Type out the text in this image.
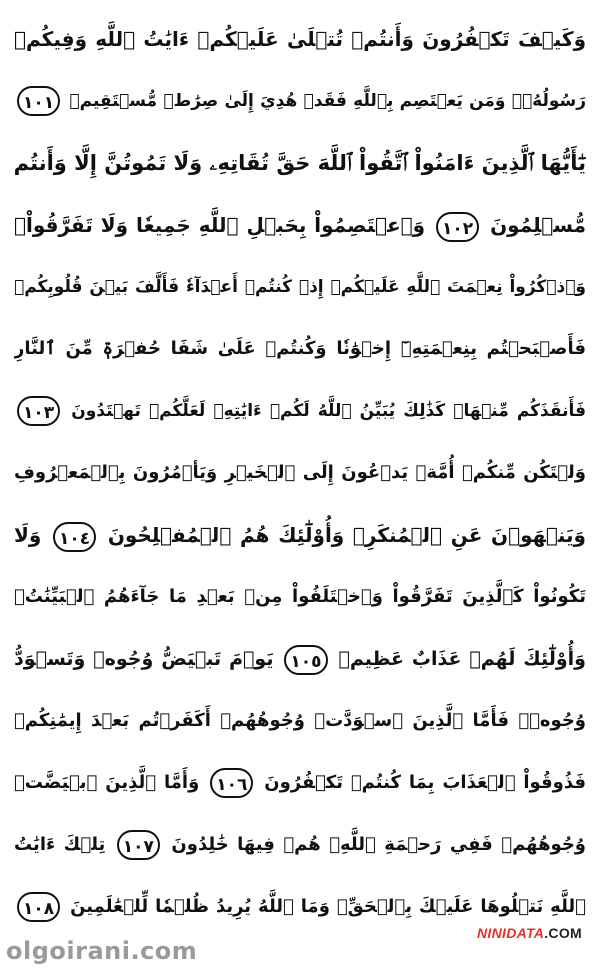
وَكَيۡفَ تَكۡفُرُونَ وَأَنتُمۡ تُتۡلَىٰ عَلَيۡكُمۡ ءَايَٰتُ ٱللَّهِ وَفِيكُمۡ
رَسُولُهُۥۗ وَمَن يَعۡتَصِم بِٱللَّهِ فَقَدۡ هُدِيَ إِلَىٰ صِرَٰطٖ مُّسۡتَقِيمٖ ١٠١
يَٰٓأَيُّهَا ٱلَّذِينَ ءَامَنُواْ ٱتَّقُواْ ٱللَّهَ حَقَّ تُقَاتِهِۦ وَلَا تَمُوتُنَّ إِلَّا وَأَنتُم
مُّسۡلِمُونَ ١٠٢ وَٱعۡتَصِمُواْ بِحَبۡلِ ٱللَّهِ جَمِيعٗا وَلَا تَفَرَّقُواْۚ
وَٱذۡكُرُواْ نِعۡمَتَ ٱللَّهِ عَلَيۡكُمۡ إِذۡ كُنتُمۡ أَعۡدَآءٗ فَأَلَّفَ بَيۡنَ قُلُوبِكُمۡ
فَأَصۡبَحۡتُم بِنِعۡمَتِهِۦٓ إِخۡوَٰنٗا وَكُنتُمۡ عَلَىٰ شَفَا حُفۡرَةٖ مِّنَ ٱلنَّارِ
فَأَنقَذَكُم مِّنۡهَاۗ كَذَٰلِكَ يُبَيِّنُ ٱللَّهُ لَكُمۡ ءَايَٰتِهِۦ لَعَلَّكُمۡ تَهۡتَدُونَ ١٠٣
وَلۡتَكُن مِّنكُمۡ أُمَّةٞ يَدۡعُونَ إِلَى ٱلۡخَيۡرِ وَيَأۡمُرُونَ بِٱلۡمَعۡرُوفِ
وَيَنۡهَوۡنَ عَنِ ٱلۡمُنكَرِۚ وَأُوْلَٰٓئِكَ هُمُ ٱلۡمُفۡلِحُونَ ١٠٤ وَلَا
تَكُونُواْ كَٱلَّذِينَ تَفَرَّقُواْ وَٱخۡتَلَفُواْ مِنۢ بَعۡدِ مَا جَآءَهُمُ ٱلۡبَيِّنَٰتُۚ
وَأُوْلَٰٓئِكَ لَهُمۡ عَذَابٌ عَظِيمٞ ١٠٥ يَوۡمَ تَبۡيَضُّ وُجُوهٞ وَتَسۡوَدُّ
وُجُوهٞۚ فَأَمَّا ٱلَّذِينَ ٱسۡوَدَّتۡ وُجُوهُهُمۡ أَكَفَرۡتُم بَعۡدَ إِيمَٰنِكُمۡ
فَذُوقُواْ ٱلۡعَذَابَ بِمَا كُنتُمۡ تَكۡفُرُونَ ١٠٦ وَأَمَّا ٱلَّذِينَ ٱبۡيَضَّتۡ
وُجُوهُهُمۡ فَفِي رَحۡمَةِ ٱللَّهِۖ هُمۡ فِيهَا خَٰلِدُونَ ١٠٧ تِلۡكَ ءَايَٰتُ
ٱللَّهِ نَتۡلُوهَا عَلَيۡكَ بِٱلۡحَقِّۗ وَمَا ٱللَّهُ يُرِيدُ ظُلۡمٗا لِّلۡعَٰلَمِينَ ١٠٨
olgoirani.com
NINIDATA.COM
